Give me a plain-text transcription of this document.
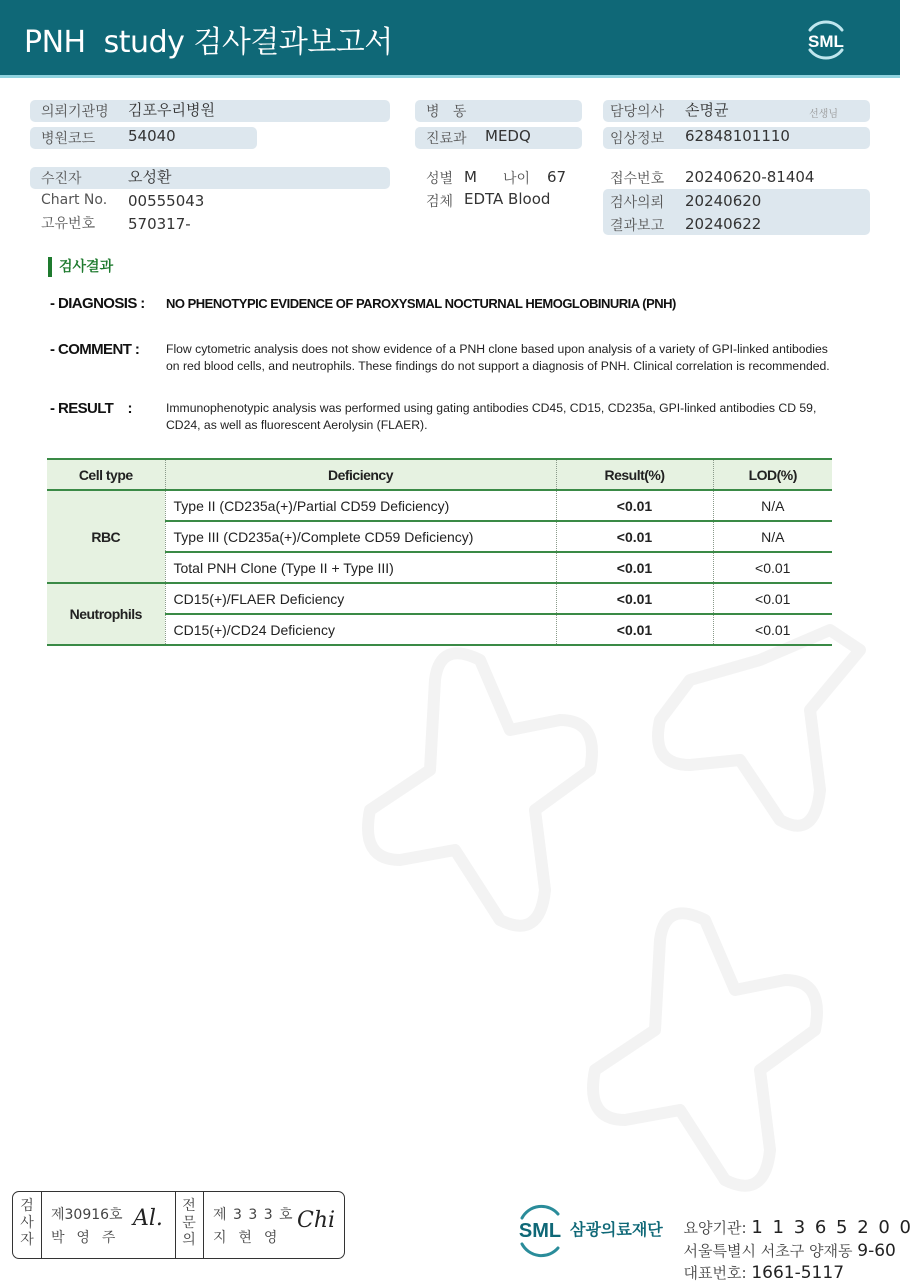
PNH  study 검사결과보고서	SML
의뢰기관명 김포우리병원
병원코드 54040
수진자	오성환
Chart No. 00555043
고유번호 570317-
병   동
진료과 MEDQ
성별 M 나이 67
검체 EDTA Blood
담당의사 손명균	선생님
임상정보 62848101110
접수번호 20240620-81404
검사의뢰 20240620
결과보고 20240622
검사결과
- DIAGNOSIS : NO PHENOTYPIC EVIDENCE OF PAROXYSMAL NOCTURNAL HEMOGLOBINURIA (PNH)
- COMMENT : Flow cytometric analysis does not show evidence of a PNH clone based upon analysis of a variety of GPI-linked antibodies on red blood cells, and neutrophils. These findings do not support a diagnosis of PNH. Clinical correlation is recommended.
- RESULT    :	Immunophenotypic analysis was performed using gating antibodies CD45, CD15, CD235a, GPI-linked antibodies CD 59, CD24, as well as fluorescent Aerolysin (FLAER).
Cell type	Deficiency	Result(%)	LOD(%)
RBC	Type II (CD235a(+)/Partial CD59 Deficiency)	<0.01	N/A
	Type III (CD235a(+)/Complete CD59 Deficiency)	<0.01	N/A
	Total PNH Clone (Type II + Type III)	<0.01	<0.01
Neutrophils	CD15(+)/FLAER Deficiency	<0.01	<0.01
	CD15(+)/CD24 Deficiency	<0.01	<0.01
검
사
자
제30916호
박  영  주
Al.	전
문
의
제 3 3 3 호
지  현  영
Chi	SML 삼광의료재단	요양기관: 1 1 3 6 5 2 0 0

서울특별시 서초구 양재동 9-60

대표번호: 1661-5117
